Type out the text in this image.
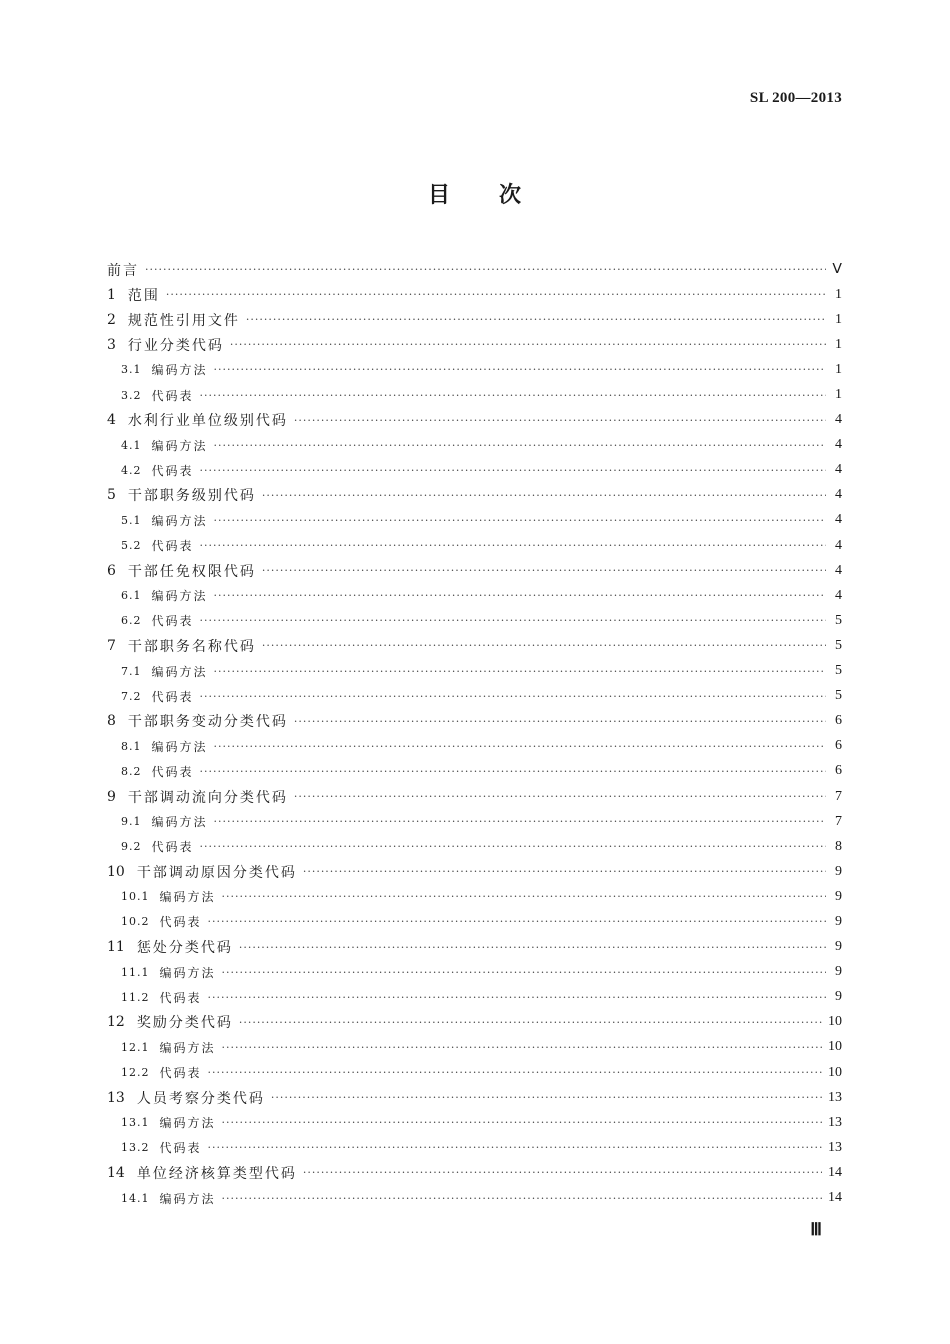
SL 200—2013
目 次
前言 ·····	Ⅴ
1 范围 ·····	1
2 规范性引用文件 ·····	1
3 行业分类代码 ·····	1
3.1 编码方法 ·····	1
3.2 代码表 ·····	1
4 水利行业单位级别代码 ·····	4
4.1 编码方法 ·····	4
4.2 代码表 ·····	4
5 干部职务级别代码 ·····	4
5.1 编码方法 ·····	4
5.2 代码表 ·····	4
6 干部任免权限代码 ·····	4
6.1 编码方法 ·····	4
6.2 代码表 ·····	5
7 干部职务名称代码 ·····	5
7.1 编码方法 ·····	5
7.2 代码表 ·····	5
8 干部职务变动分类代码 ·····	6
8.1 编码方法 ·····	6
8.2 代码表 ·····	6
9 干部调动流向分类代码 ·····	7
9.1 编码方法 ·····	7
9.2 代码表 ·····	8
10 干部调动原因分类代码 ·····	9
10.1 编码方法 ·····	9
10.2 代码表 ·····	9
11 惩处分类代码 ·····	9
11.1 编码方法 ·····	9
11.2 代码表 ·····	9
12 奖励分类代码 ·····	10
12.1 编码方法 ·····	10
12.2 代码表 ·····	10
13 人员考察分类代码 ·····	13
13.1 编码方法 ·····	13
13.2 代码表 ·····	13
14 单位经济核算类型代码 ·····	14
14.1 编码方法 ·····	14
Ⅲ
